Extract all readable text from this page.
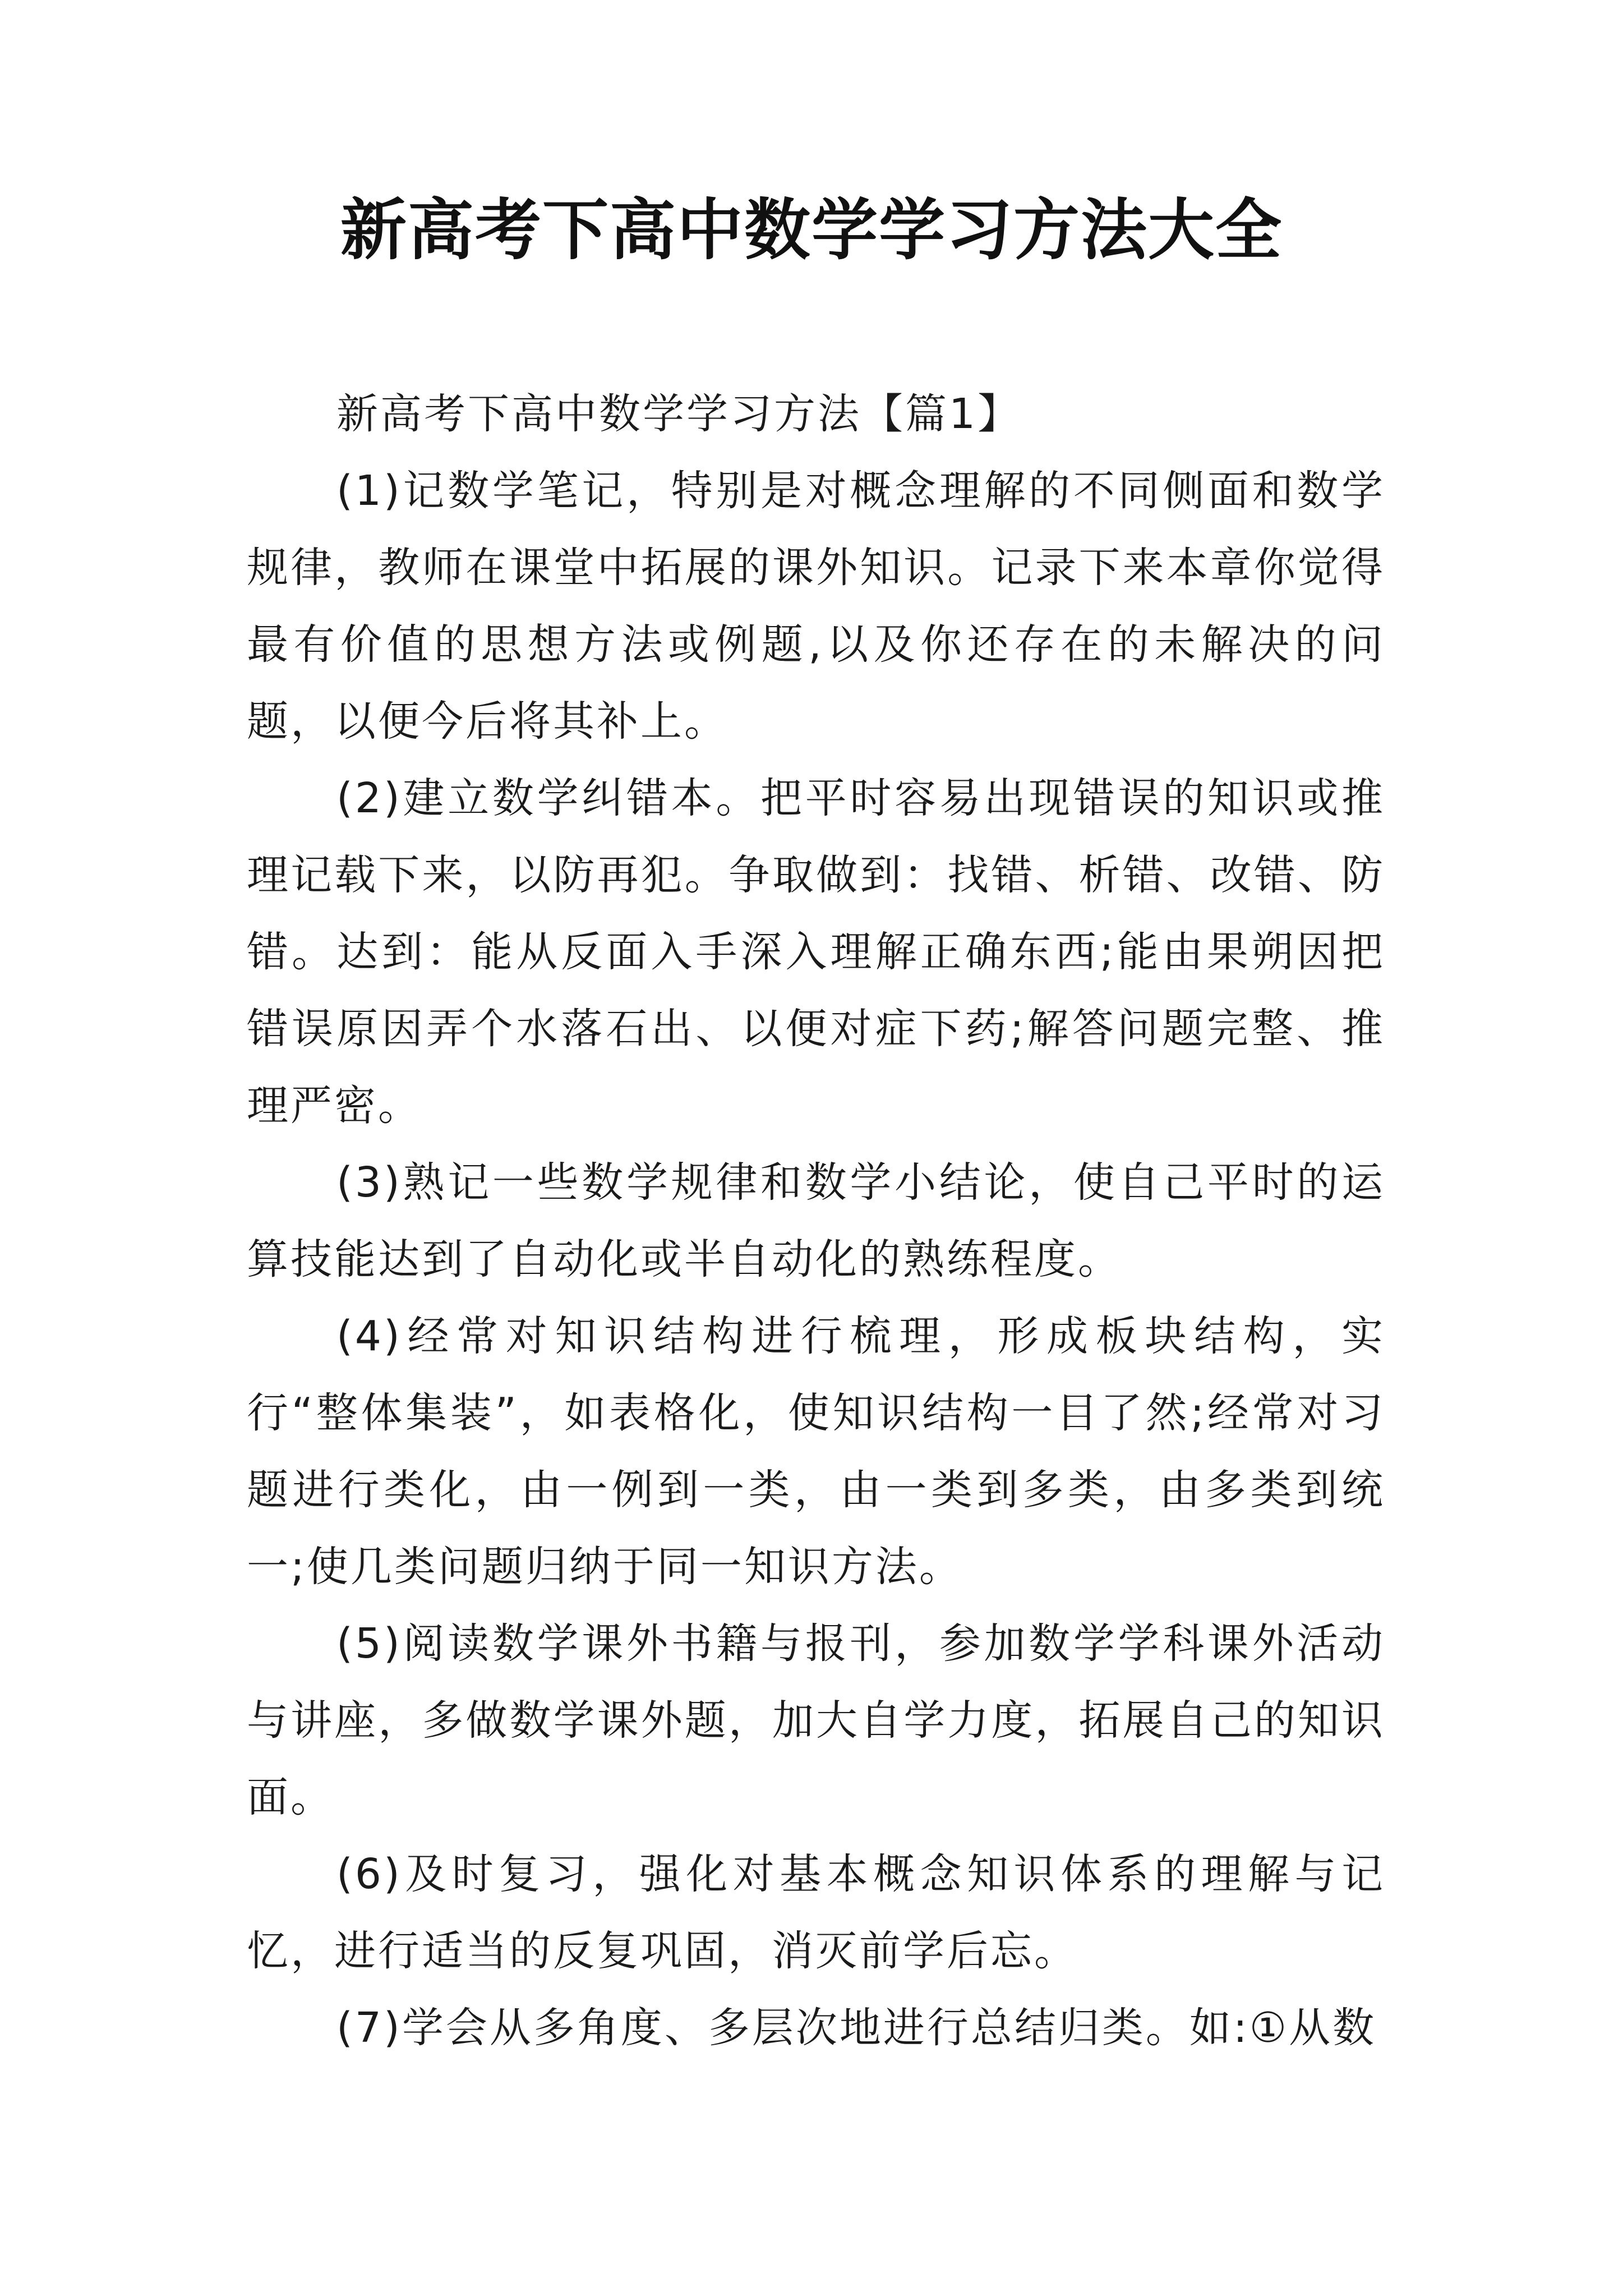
新高考下高中数学学习方法大全

新高考下高中数学学习方法【篇1】

(1)记数学笔记，特别是对概念理解的不同侧面和数学规律，教师在课堂中拓展的课外知识。记录下来本章你觉得最有价值的思想方法或例题,以及你还存在的未解决的问题，以便今后将其补上。

(2)建立数学纠错本。把平时容易出现错误的知识或推理记载下来，以防再犯。争取做到：找错、析错、改错、防错。达到：能从反面入手深入理解正确东西;能由果朔因把错误原因弄个水落石出、以便对症下药;解答问题完整、推理严密。

(3)熟记一些数学规律和数学小结论，使自己平时的运算技能达到了自动化或半自动化的熟练程度。

(4)经常对知识结构进行梳理，形成板块结构，实行“整体集装”，如表格化，使知识结构一目了然;经常对习题进行类化，由一例到一类，由一类到多类，由多类到统一;使几类问题归纳于同一知识方法。

(5)阅读数学课外书籍与报刊，参加数学学科课外活动与讲座，多做数学课外题，加大自学力度，拓展自己的知识面。

(6)及时复习，强化对基本概念知识体系的理解与记忆，进行适当的反复巩固，消灭前学后忘。

(7)学会从多角度、多层次地进行总结归类。如:①从数
